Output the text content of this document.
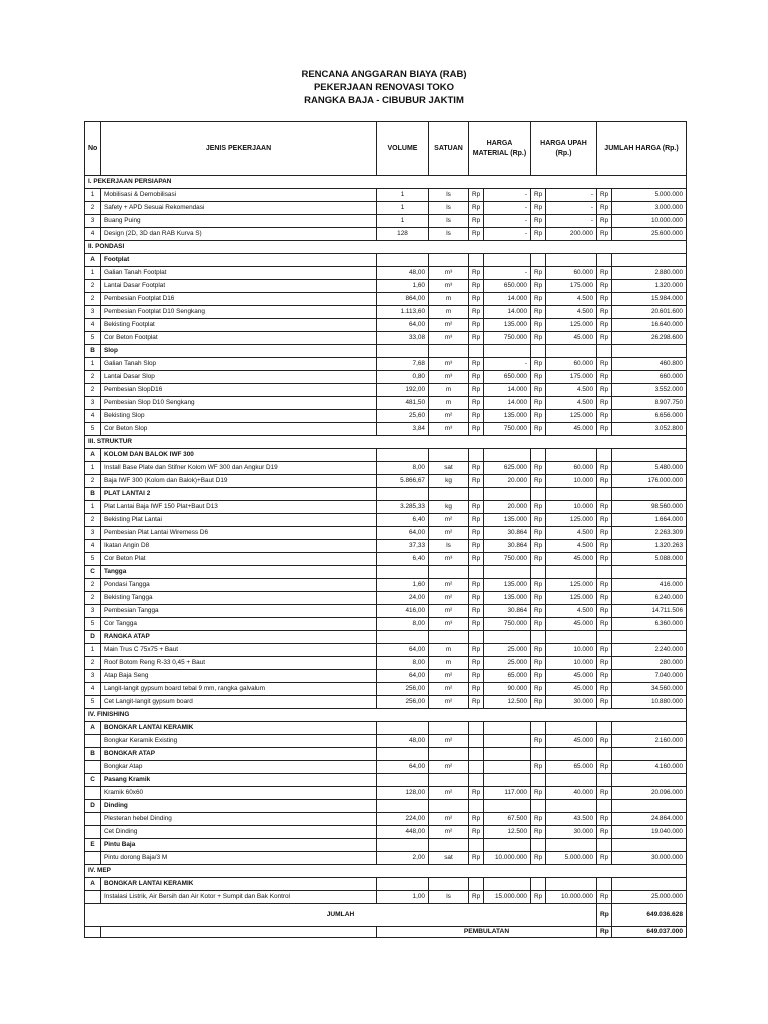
RENCANA ANGGARAN BIAYA (RAB)
PEKERJAAN RENOVASI TOKO
RANGKA BAJA - CIBUBUR JAKTIM
No	JENIS PEKERJAAN	VOLUME	SATUAN	HARGA MATERIAL (Rp.)		HARGA UPAH (Rp.)		JUMLAH HARGA (Rp.)	
I. PEKERJAAN PERSIAPAN									
1	Mobilisasi & Demobilisasi	1	ls	Rp	-	Rp	-	Rp	5.000.000
2	Safety + APD Sesuai Rekomendasi	1	ls	Rp	-	Rp	-	Rp	3.000.000
3	Buang Puing	1	ls	Rp	-	Rp	-	Rp	10.000.000
4	Design (2D, 3D dan RAB Kurva S)	128	ls	Rp	-	Rp	200.000	Rp	25.600.000
II. PONDASI									
A	Footplat								
1	Galian Tanah Footplat	48,00	m³	Rp	-	Rp	60.000	Rp	2.880.000
2	Lantai Dasar Footplat	1,60	m³	Rp	650.000	Rp	175.000	Rp	1.320.000
2	Pembesian Footplat D16	864,00	m	Rp	14.000	Rp	4.500	Rp	15.984.000
3	Pembesian Footplat D10 Sengkang	1.113,60	m	Rp	14.000	Rp	4.500	Rp	20.601.600
4	Bekisting Footplat	64,00	m²	Rp	135.000	Rp	125.000	Rp	16.640.000
5	Cor Beton Footplat	33,08	m³	Rp	750.000	Rp	45.000	Rp	26.298.600
B	Slop								
1	Galian Tanah Slop	7,68	m³	Rp	-	Rp	60.000	Rp	460.800
2	Lantai Dasar Slop	0,80	m³	Rp	650.000	Rp	175.000	Rp	660.000
2	Pembesian SlopD16	192,00	m	Rp	14.000	Rp	4.500	Rp	3.552.000
3	Pembesian Slop D10 Sengkang	481,50	m	Rp	14.000	Rp	4.500	Rp	8.907.750
4	Bekisting Slop	25,60	m²	Rp	135.000	Rp	125.000	Rp	6.656.000
5	Cor Beton Slop	3,84	m³	Rp	750.000	Rp	45.000	Rp	3.052.800
III. STRUKTUR									
A	KOLOM DAN BALOK IWF 300								
1	Install Base Plate dan Stifner Kolom WF 300 dan Angkur D19	8,00	sat	Rp	625.000	Rp	60.000	Rp	5.480.000
2	Baja IWF 300 (Kolom dan Balok)+Baut D19	5.866,67	kg	Rp	20.000	Rp	10.000	Rp	176.000.000
B	PLAT LANTAI 2								
1	Plat Lantai Baja IWF 150 Plat+Baut D13	3.285,33	kg	Rp	20.000	Rp	10.000	Rp	98.560.000
2	Bekisting Plat Lantai	6,40	m²	Rp	135.000	Rp	125.000	Rp	1.664.000
3	Pembesian Plat Lantai Wiremess D6	64,00	m²	Rp	30.864	Rp	4.500	Rp	2.263.309
4	Ikatan Angin D8	37,33	ls	Rp	30.864	Rp	4.500	Rp	1.320.263
5	Cor Beton Plat	6,40	m³	Rp	750.000	Rp	45.000	Rp	5.088.000
C	Tangga								
2	Pondasi Tangga	1,60	m²	Rp	135.000	Rp	125.000	Rp	416.000
2	Bekisting Tangga	24,00	m²	Rp	135.000	Rp	125.000	Rp	6.240.000
3	Pembesian Tangga	416,00	m²	Rp	30.864	Rp	4.500	Rp	14.711.506
5	Cor Tangga	8,00	m³	Rp	750.000	Rp	45.000	Rp	6.360.000
D	RANGKA ATAP								
1	Main Trus C 75x75 + Baut	64,00	m	Rp	25.000	Rp	10.000	Rp	2.240.000
2	Roof Botom Reng R-33 0,45 + Baut	8,00	m	Rp	25.000	Rp	10.000	Rp	280.000
3	Atap Baja Seng	64,00	m²	Rp	65.000	Rp	45.000	Rp	7.040.000
4	Langit-langit gypsum board tebal 9 mm, rangka galvalum	256,00	m²	Rp	90.000	Rp	45.000	Rp	34.560.000
5	Cet Langit-langit gypsum board	256,00	m²	Rp	12.500	Rp	30.000	Rp	10.880.000
IV. FINISHING									
A	BONGKAR LANTAI KERAMIK								
	Bongkar Keramik Existing	48,00	m²			Rp	45.000	Rp	2.160.000
B	BONGKAR ATAP								
	Bongkar Atap	64,00	m²			Rp	65.000	Rp	4.160.000
C	Pasang Kramik								
	Kramik 60x60	128,00	m²	Rp	117.000	Rp	40.000	Rp	20.096.000
D	Dinding								
	Plesteran hebel Dinding	224,00	m²	Rp	67.500	Rp	43.500	Rp	24.864.000
	Cet Dinding	448,00	m²	Rp	12.500	Rp	30.000	Rp	19.040.000
E	Pintu Baja								
	Pintu dorong Baja/3 M	2,00	sat	Rp	10.000.000	Rp	5.000.000	Rp	30.000.000
IV. MEP									
A	BONGKAR LANTAI KERAMIK								
	Instalasi Listrik, Air Bersih dan Air Kotor + Sumpit dan Bak Kontrol	1,00	ls	Rp	15.000.000	Rp	10.000.000	Rp	25.000.000
JUMLAH								Rp	649.036.628
		PEMBULATAN						Rp	649.037.000
